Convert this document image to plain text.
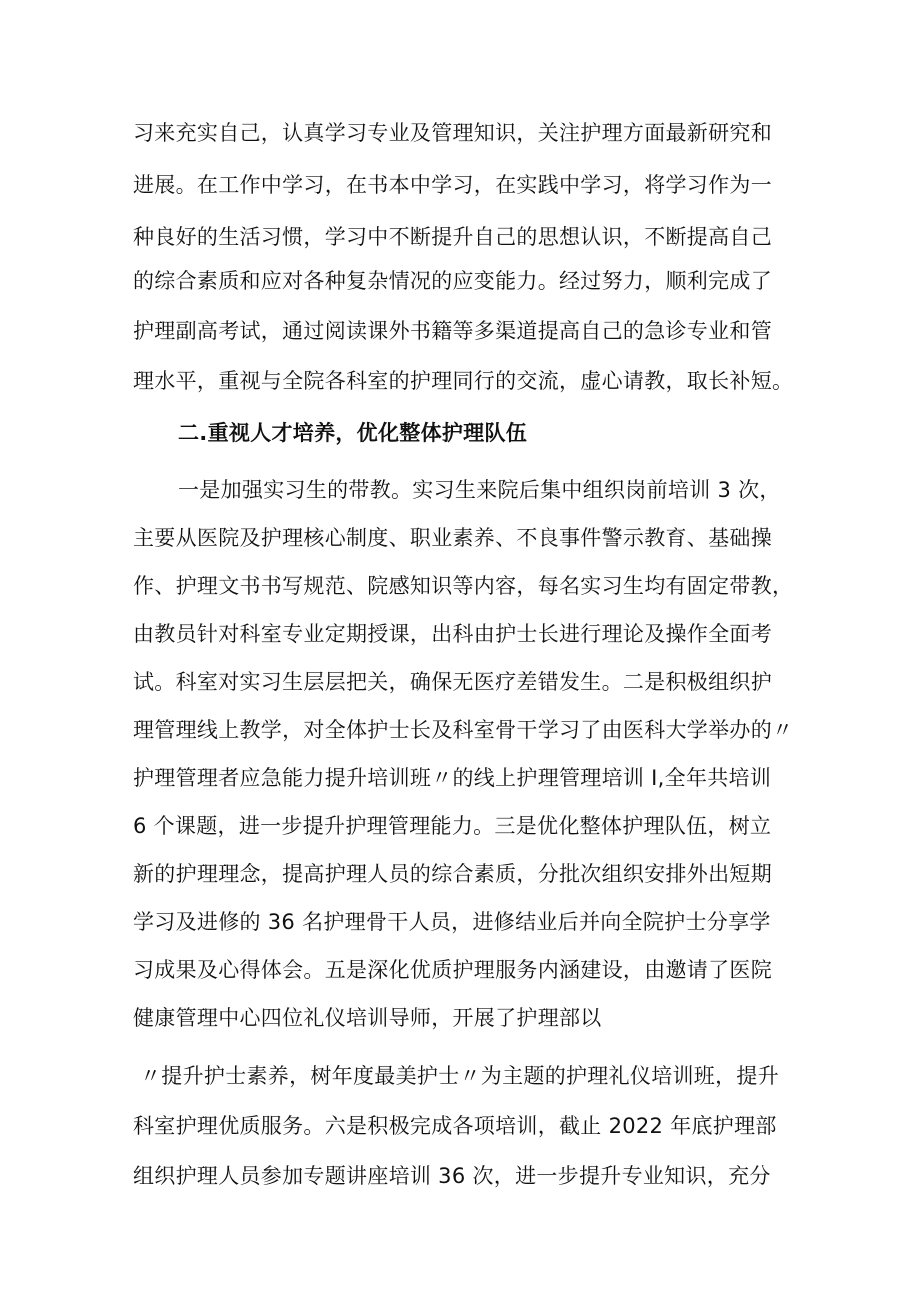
习来充实自己，认真学习专业及管理知识，关注护理方面最新研究和
进展。在工作中学习，在书本中学习，在实践中学习，将学习作为一
种良好的生活习惯，学习中不断提升自己的思想认识，不断提高自己
的综合素质和应对各种复杂情况的应变能力。经过努力，顺利完成了
护理副高考试，通过阅读课外书籍等多渠道提高自己的急诊专业和管
理水平，重视与全院各科室的护理同行的交流，虚心请教，取长补短。
二.重视人才培养，优化整体护理队伍
一是加强实习生的带教。实习生来院后集中组织岗前培训 3 次，
主要从医院及护理核心制度、职业素养、不良事件警示教育、基础操
作、护理文书书写规范、院感知识等内容，每名实习生均有固定带教，
由教员针对科室专业定期授课，出科由护士长进行理论及操作全面考
试。科室对实习生层层把关，确保无医疗差错发生。二是积极组织护
理管理线上教学，对全体护士长及科室骨干学习了由医科大学举办的〃
护理管理者应急能力提升培训班〃的线上护理管理培训 I,全年共培训
6 个课题，进一步提升护理管理能力。三是优化整体护理队伍，树立
新的护理理念，提高护理人员的综合素质，分批次组织安排外出短期
学习及进修的 36 名护理骨干人员，进修结业后并向全院护士分享学
习成果及心得体会。五是深化优质护理服务内涵建设，由邀请了医院
健康管理中心四位礼仪培训导师，开展了护理部以
〃提升护士素养，树年度最美护士〃为主题的护理礼仪培训班，提升
科室护理优质服务。六是积极完成各项培训，截止 2022 年底护理部
组织护理人员参加专题讲座培训 36 次，进一步提升专业知识，充分
